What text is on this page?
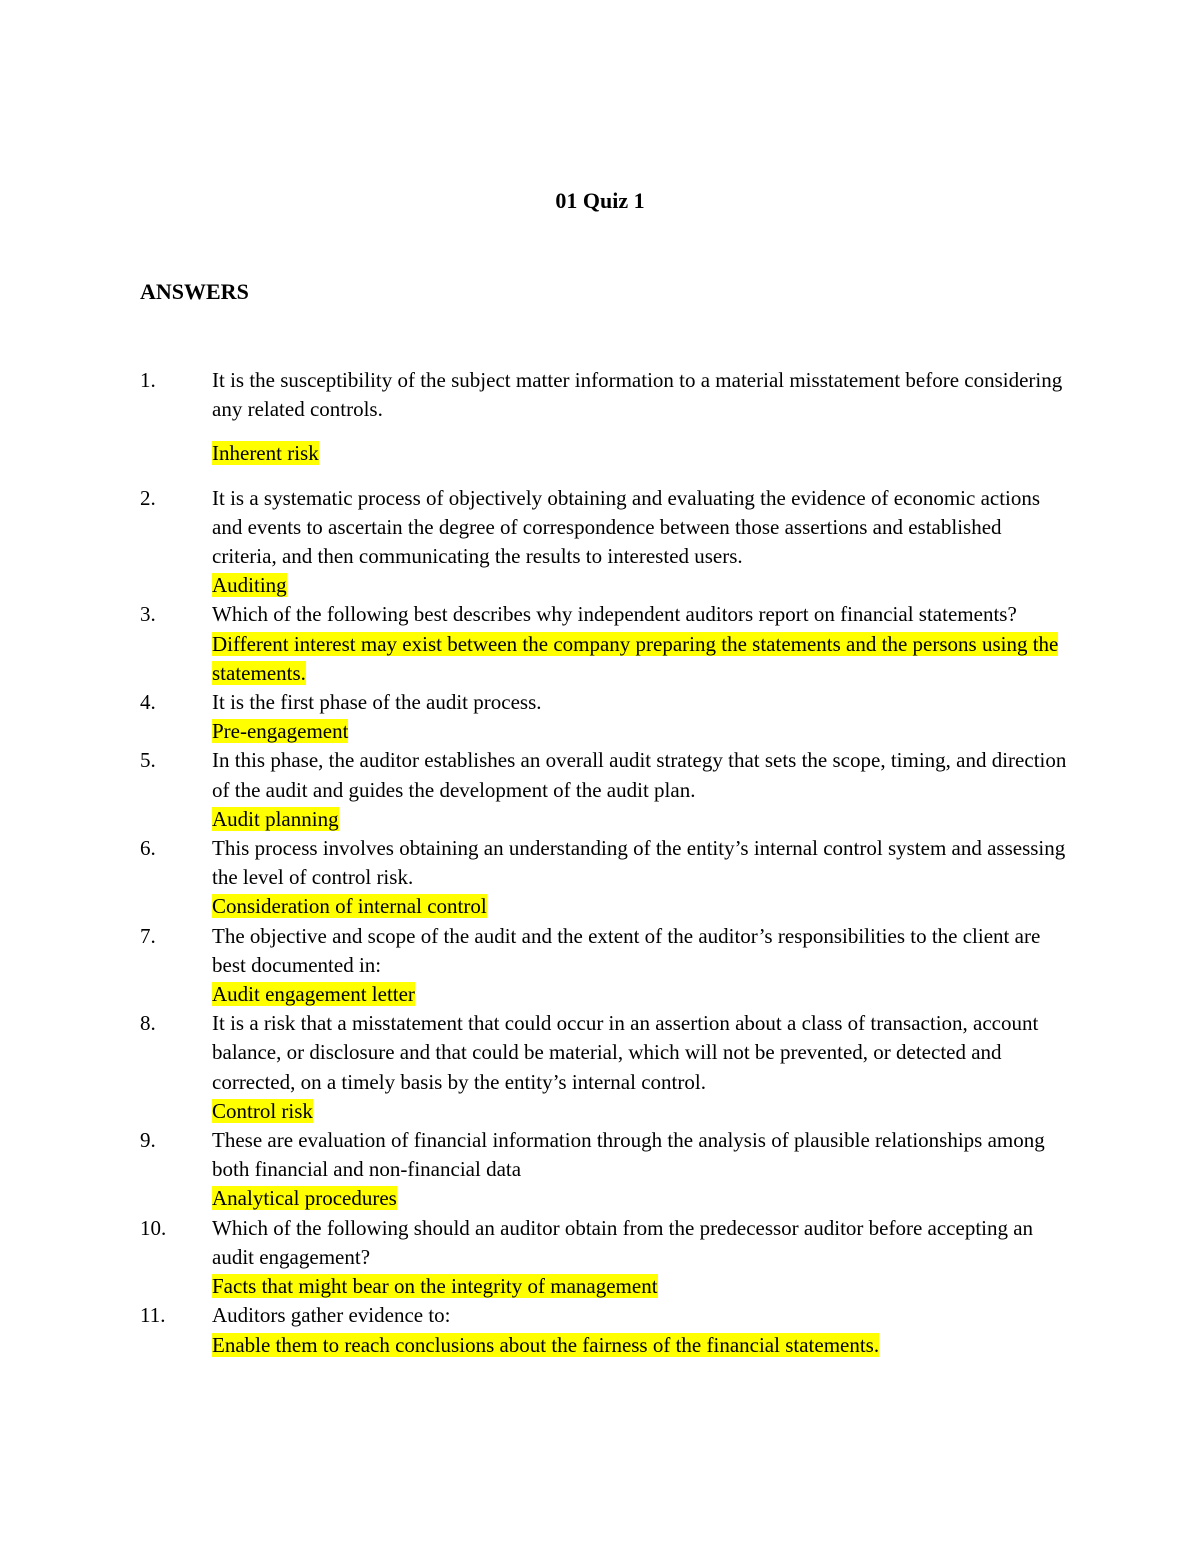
01 Quiz 1
ANSWERS
1.	It is the susceptibility of the subject matter information to a material misstatement before considering any related controls.
Inherent risk
2.	It is a systematic process of objectively obtaining and evaluating the evidence of economic actions and events to ascertain the degree of correspondence between those assertions and established criteria, and then communicating the results to interested users.
Auditing
3.	Which of the following best describes why independent auditors report on financial statements?
Different interest may exist between the company preparing the statements and the persons using the statements.
4.	It is the first phase of the audit process.
Pre-engagement
5.	In this phase, the auditor establishes an overall audit strategy that sets the scope, timing, and direction of the audit and guides the development of the audit plan.
Audit planning
6.	This process involves obtaining an understanding of the entity’s internal control system and assessing the level of control risk.
Consideration of internal control
7.	The objective and scope of the audit and the extent of the auditor’s responsibilities to the client are best documented in:
Audit engagement letter
8.	It is a risk that a misstatement that could occur in an assertion about a class of transaction, account balance, or disclosure and that could be material, which will not be prevented, or detected and corrected, on a timely basis by the entity’s internal control.
Control risk
9.	These are evaluation of financial information through the analysis of plausible relationships among both financial and non-financial data
Analytical procedures
10.	Which of the following should an auditor obtain from the predecessor auditor before accepting an audit engagement?
Facts that might bear on the integrity of management
11.	Auditors gather evidence to:
Enable them to reach conclusions about the fairness of the financial statements.
